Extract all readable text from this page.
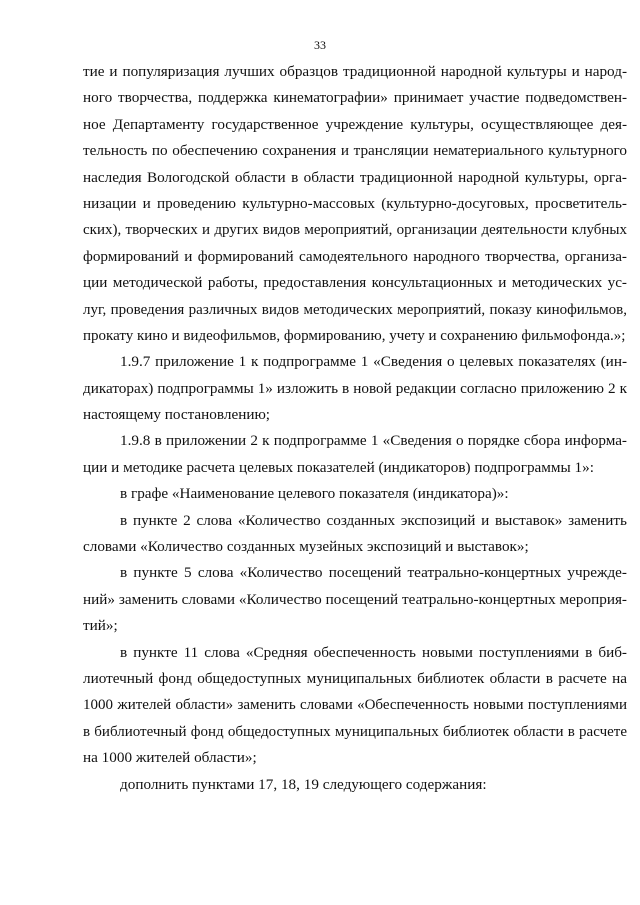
33
тие и популяризация лучших образцов традиционной народной культуры и народ-
ного творчества, поддержка кинематографии» принимает участие подведомствен-
ное Департаменту государственное учреждение культуры, осуществляющее дея-
тельность по обеспечению сохранения и трансляции нематериального культурного
наследия Вологодской области в области традиционной народной культуры, орга-
низации и проведению культурно-массовых (культурно-досуговых, просветитель-
ских), творческих и других видов мероприятий, организации деятельности клубных
формирований и формирований самодеятельного народного творчества, организа-
ции методической работы, предоставления консультационных и методических ус-
луг, проведения различных видов методических мероприятий, показу кинофильмов,
прокату кино и видеофильмов, формированию, учету и сохранению фильмофонда.»;
1.9.7 приложение 1 к подпрограмме 1 «Сведения о целевых показателях (ин-
дикаторах) подпрограммы 1» изложить в новой редакции согласно приложению 2 к
настоящему постановлению;
1.9.8 в приложении 2 к подпрограмме 1 «Сведения о порядке сбора информа-
ции и методике расчета целевых показателей (индикаторов) подпрограммы 1»:
в графе «Наименование целевого показателя (индикатора)»:
в пункте 2 слова «Количество созданных экспозиций и выставок» заменить
словами «Количество созданных музейных экспозиций и выставок»;
в пункте 5 слова «Количество посещений театрально-концертных учрежде-
ний» заменить словами «Количество посещений театрально-концертных мероприя-
тий»;
в пункте 11 слова «Средняя обеспеченность новыми поступлениями в биб-
лиотечный фонд общедоступных муниципальных библиотек области в расчете на
1000 жителей области» заменить словами «Обеспеченность новыми поступлениями
в библиотечный фонд общедоступных муниципальных библиотек области в расчете
на 1000 жителей области»;
дополнить пунктами 17, 18, 19 следующего содержания:
